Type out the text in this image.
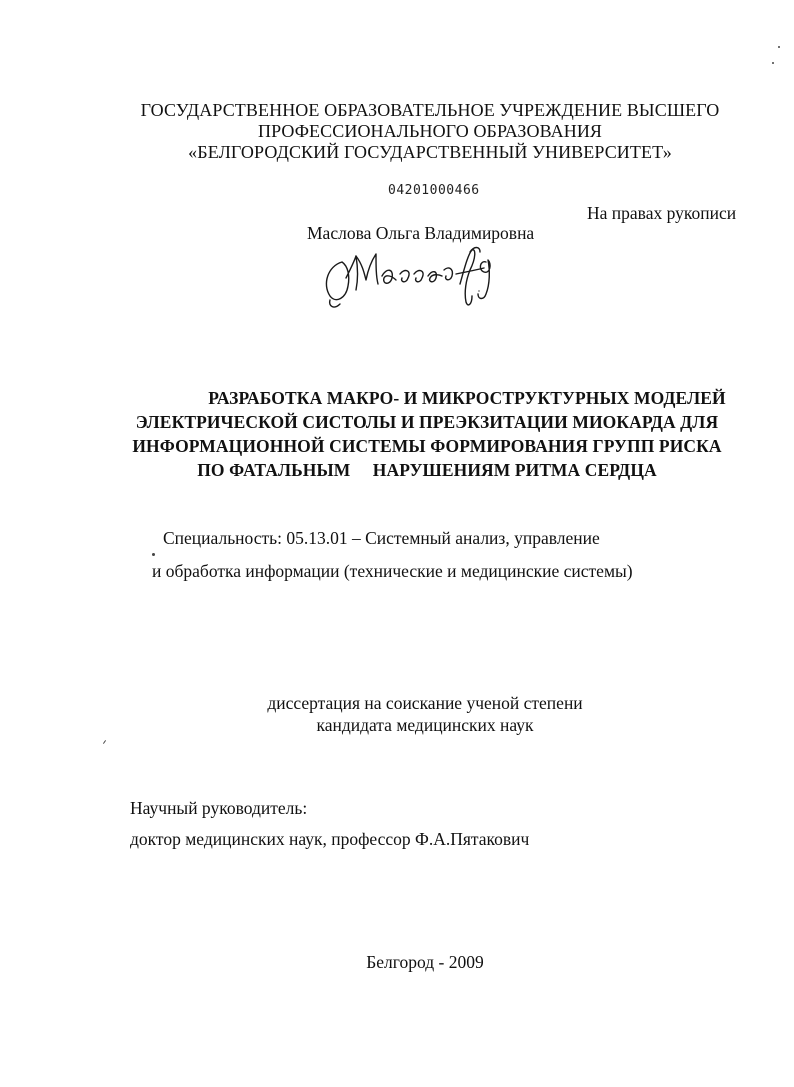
ГОСУДАРСТВЕННОЕ ОБРАЗОВАТЕЛЬНОЕ УЧРЕЖДЕНИЕ ВЫСШЕГО
ПРОФЕССИОНАЛЬНОГО ОБРАЗОВАНИЯ
«БЕЛГОРОДСКИЙ ГОСУДАРСТВЕННЫЙ УНИВЕРСИТЕТ»
04201000466
На правах рукописи
Маслова Ольга Владимировна
РАЗРАБОТКА МАКРО- И МИКРОСТРУКТУРНЫХ МОДЕЛЕЙ
ЭЛЕКТРИЧЕСКОЙ СИСТОЛЫ И ПРЕЭКЗИТАЦИИ МИОКАРДА ДЛЯ
ИНФОРМАЦИОННОЙ СИСТЕМЫ ФОРМИРОВАНИЯ ГРУПП РИСКА
ПО ФАТАЛЬНЫМ     НАРУШЕНИЯМ РИТМА СЕРДЦА
Специальность: 05.13.01 – Системный анализ, управление
и обработка информации (технические и медицинские системы)
диссертация на соискание ученой степени
кандидата медицинских наук
Научный руководитель:
доктор медицинских наук, профессор Ф.А.Пятакович
Белгород - 2009
